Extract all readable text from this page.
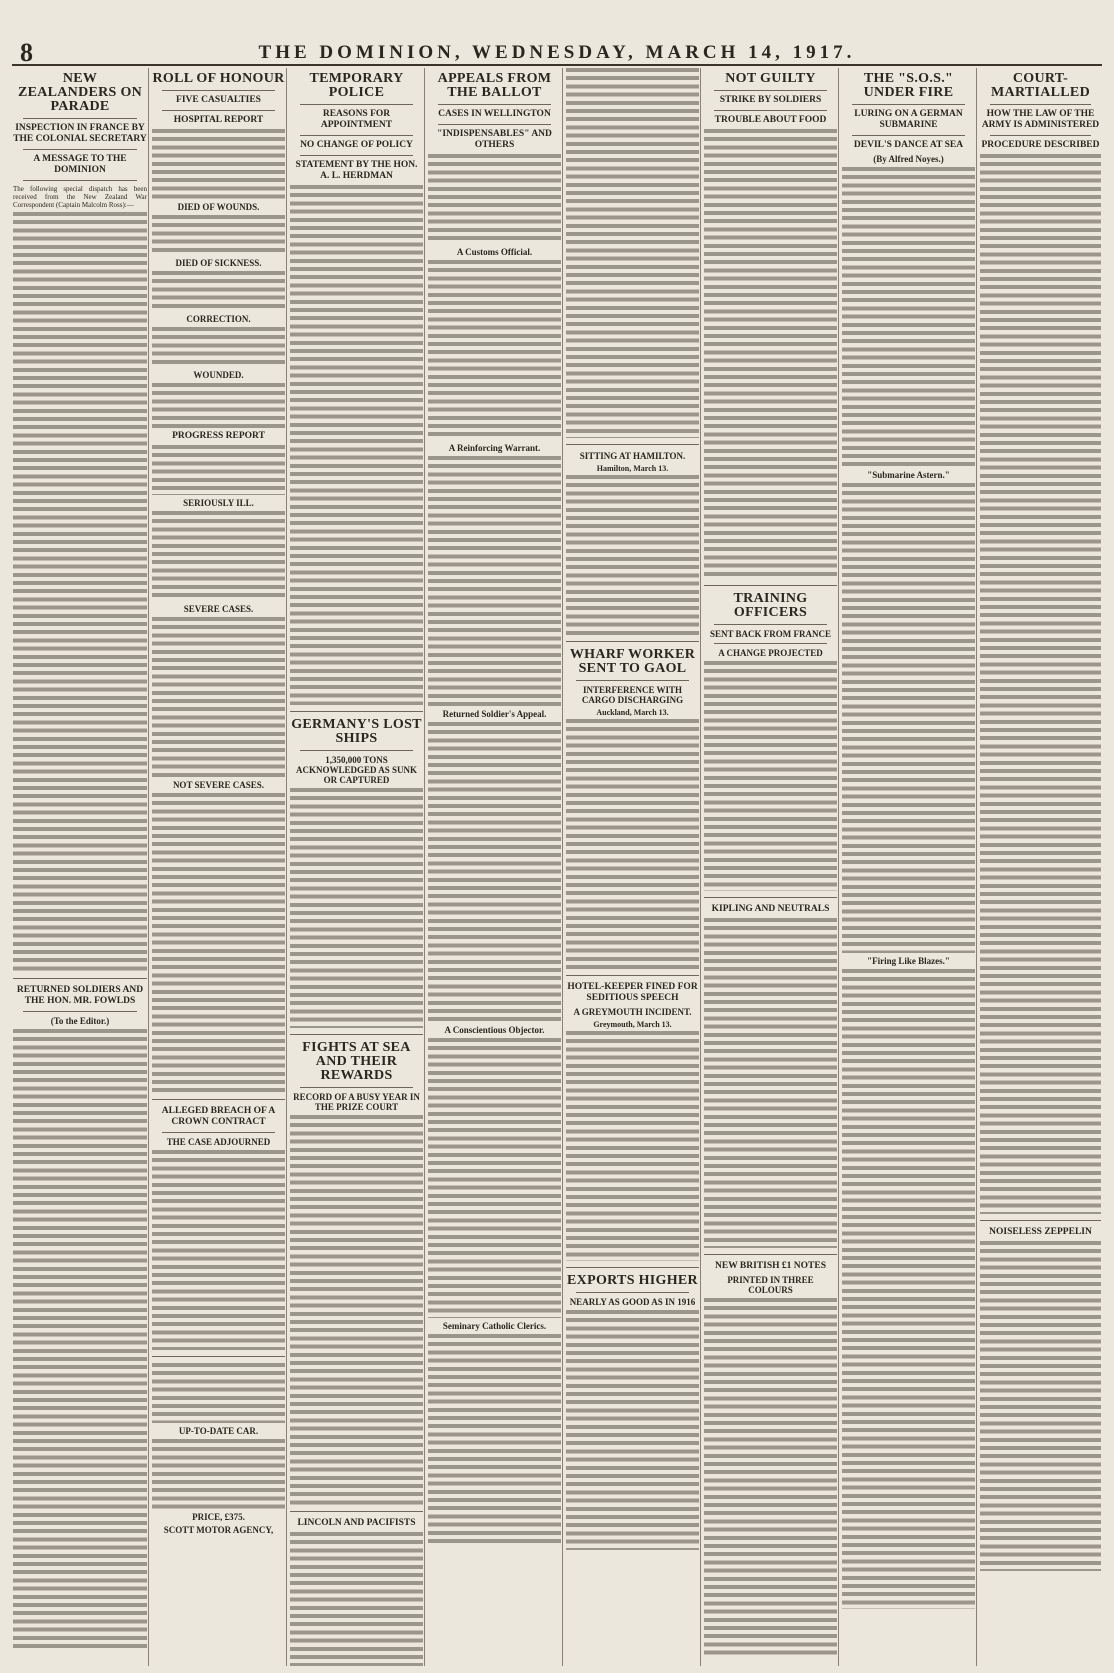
8	THE DOMINION, WEDNESDAY, MARCH 14, 1917.
NEW ZEALANDERS ON PARADE
INSPECTION IN FRANCE BY THE COLONIAL SECRETARY
A MESSAGE TO THE DOMINION

The following special dispatch has been received from the New Zealand War Correspondent (Captain Malcolm Ross):—

RETURNED SOLDIERS AND THE HON. MR. FOWLDS
(To the Editor.)
ROLL OF HONOUR
FIVE CASUALTIES
HOSPITAL REPORT
DIED OF WOUNDS.
DIED OF SICKNESS.
CORRECTION.
WOUNDED.
PROGRESS REPORT
SERIOUSLY ILL.
SEVERE CASES.
NOT SEVERE CASES.
ALLEGED BREACH OF A CROWN CONTRACT
THE CASE ADJOURNED
UP-TO-DATE CAR.
PRICE, £375.
SCOTT MOTOR AGENCY,
TEMPORARY POLICE
REASONS FOR APPOINTMENT
NO CHANGE OF POLICY
STATEMENT BY THE HON. A. L. HERDMAN
GERMANY'S LOST SHIPS
1,350,000 TONS ACKNOWLEDGED AS SUNK OR CAPTURED
FIGHTS AT SEA AND THEIR REWARDS
RECORD OF A BUSY YEAR IN THE PRIZE COURT
LINCOLN AND PACIFISTS
APPEALS FROM THE BALLOT
CASES IN WELLINGTON
"INDISPENSABLES" AND OTHERS
A Customs Official.
A Reinforcing Warrant.
Returned Soldier's Appeal.
A Conscientious Objector.
Seminary Catholic Clerics.
SITTING AT HAMILTON.
Hamilton, March 13.
WHARF WORKER SENT TO GAOL
INTERFERENCE WITH CARGO DISCHARGING
Auckland, March 13.
HOTEL-KEEPER FINED FOR SEDITIOUS SPEECH
A GREYMOUTH INCIDENT.
Greymouth, March 13.
EXPORTS HIGHER
NEARLY AS GOOD AS IN 1916
NOT GUILTY
STRIKE BY SOLDIERS
TROUBLE ABOUT FOOD
TRAINING OFFICERS
SENT BACK FROM FRANCE
A CHANGE PROJECTED
KIPLING AND NEUTRALS
NEW BRITISH £1 NOTES
PRINTED IN THREE COLOURS
THE "S.O.S." UNDER FIRE
LURING ON A GERMAN SUBMARINE
DEVIL'S DANCE AT SEA
(By Alfred Noyes.)
"Submarine Astern."
"Firing Like Blazes."
COURT-MARTIALLED
HOW THE LAW OF THE ARMY IS ADMINISTERED
PROCEDURE DESCRIBED
NOISELESS ZEPPELIN
